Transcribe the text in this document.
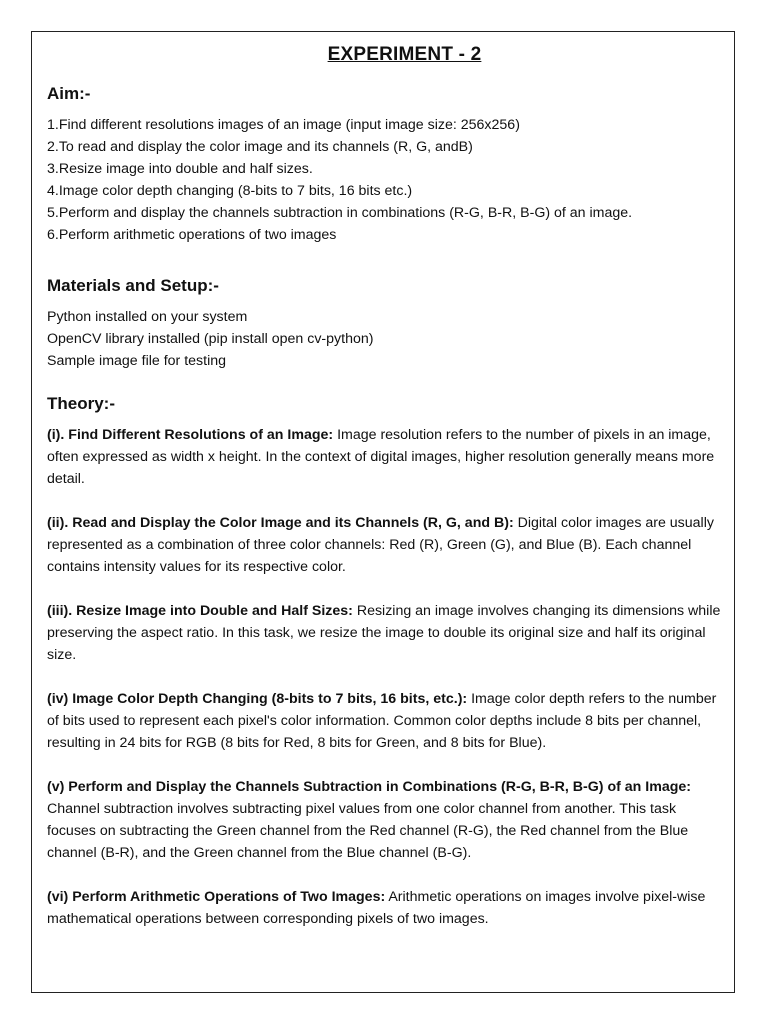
EXPERIMENT - 2
Aim:-

1.Find different resolutions images of an image (input image size: 256x256)

2.To read and display the color image and its channels (R, G, andB)

3.Resize image into double and half sizes.

4.Image color depth changing (8-bits to 7 bits, 16 bits etc.)

5.Perform and display the channels subtraction in combinations (R-G, B-R, B-G) of an image.

6.Perform arithmetic operations of two images

Materials and Setup:-

Python installed on your system

OpenCV library installed (pip install open cv-python)

Sample image file for testing

Theory:-

(i). Find Different Resolutions of an Image: Image resolution refers to the number of pixels in an image, often expressed as width x height. In the context of digital images, higher resolution generally means more detail.

(ii). Read and Display the Color Image and its Channels (R, G, and B): Digital color images are usually represented as a combination of three color channels: Red (R), Green (G), and Blue (B). Each channel contains intensity values for its respective color.

(iii). Resize Image into Double and Half Sizes: Resizing an image involves changing its dimensions while preserving the aspect ratio. In this task, we resize the image to double its original size and half its original size.

(iv) Image Color Depth Changing (8-bits to 7 bits, 16 bits, etc.): Image color depth refers to the number of bits used to represent each pixel's color information. Common color depths include 8 bits per channel, resulting in 24 bits for RGB (8 bits for Red, 8 bits for Green, and 8 bits for Blue).

(v) Perform and Display the Channels Subtraction in Combinations (R-G, B-R, B-G) of an Image: Channel subtraction involves subtracting pixel values from one color channel from another. This task focuses on subtracting the Green channel from the Red channel (R-G), the Red channel from the Blue channel (B-R), and the Green channel from the Blue channel (B-G).

(vi) Perform Arithmetic Operations of Two Images: Arithmetic operations on images involve pixel-wise mathematical operations between corresponding pixels of two images.
